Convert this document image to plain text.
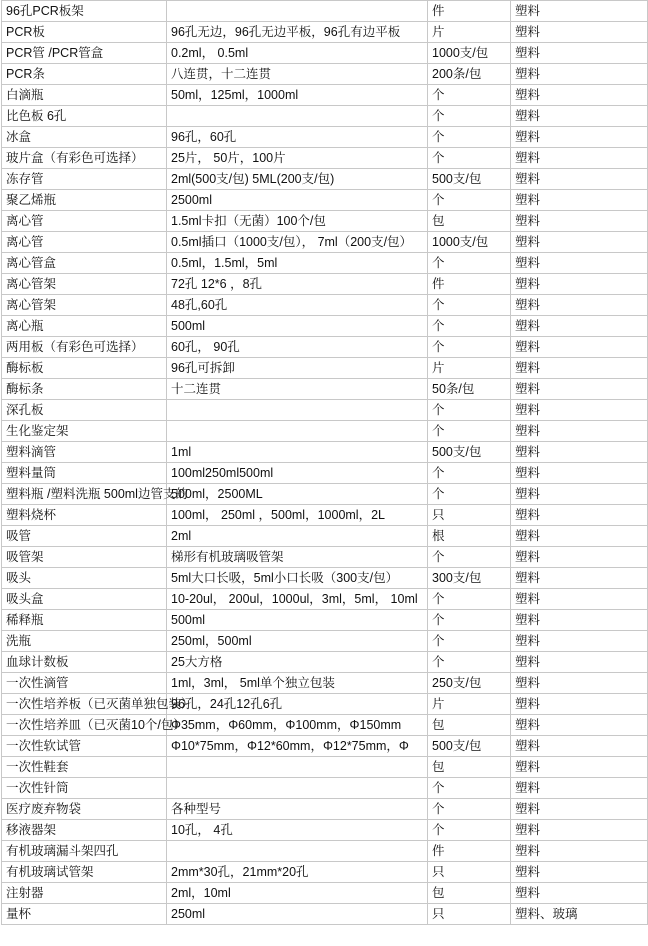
96孔PCR板架		件	塑料
PCR板	96孔无边，96孔无边平板，96孔有边平板	片	塑料
PCR管 /PCR管盒	0.2ml， 0.5ml	1000支/包	塑料
PCR条	八连贯，十二连贯	200条/包	塑料
白滴瓶	50ml，125ml，1000ml	个	塑料
比色板 6孔		个	塑料
冰盒	96孔，60孔	个	塑料
玻片盒（有彩色可选择）	25片， 50片，100片	个	塑料
冻存管	2ml(500支/包) 5ML(200支/包)	500支/包	塑料
聚乙烯瓶	2500ml	个	塑料
离心管	1.5ml卡扣（无菌）100个/包	包	塑料
离心管	0.5ml插口（1000支/包）， 7ml（200支/包）	1000支/包	塑料
离心管盒	0.5ml，1.5ml，5ml	个	塑料
离心管架	72孔 12*6 ，8孔	件	塑料
离心管架	48孔,60孔	个	塑料
离心瓶	500ml	个	塑料
两用板（有彩色可选择）	60孔， 90孔	个	塑料
酶标板	96孔可拆卸	片	塑料
酶标条	十二连贯	50条/包	塑料
深孔板		个	塑料
生化鉴定架		个	塑料
塑料滴管	1ml	500支/包	塑料
塑料量筒	100ml250ml500ml	个	塑料
塑料瓶 /塑料洗瓶 500ml边管支的	500ml，2500ML	个	塑料
塑料烧杯	100ml， 250ml ，500ml，1000ml，2L	只	塑料
吸管	2ml	根	塑料
吸管架	梯形有机玻璃吸管架	个	塑料
吸头	5ml大口长吸，5ml小口长吸（300支/包）	300支/包	塑料
吸头盒	10-20ul， 200ul，1000ul，3ml，5ml， 10ml	个	塑料
稀释瓶	500ml	个	塑料
洗瓶	250ml，500ml	个	塑料
血球计数板	25大方格	个	塑料
一次性滴管	1ml，3ml， 5ml单个独立包装	250支/包	塑料
一次性培养板（已灭菌单独包装）	96孔，24孔12孔6孔	片	塑料
一次性培养皿（已灭菌10个/包）	Φ35mm，Φ60mm，Φ100mm，Φ150mm	包	塑料
一次性软试管	Φ10*75mm，Φ12*60mm，Φ12*75mm，Φ	500支/包	塑料
一次性鞋套		包	塑料
一次性针筒		个	塑料
医疗废弃物袋	各种型号	个	塑料
移液器架	10孔， 4孔	个	塑料
有机玻璃漏斗架四孔		件	塑料
有机玻璃试管架	2mm*30孔，21mm*20孔	只	塑料
注射器	2ml，10ml	包	塑料
量杯	250ml	只	塑料、玻璃
